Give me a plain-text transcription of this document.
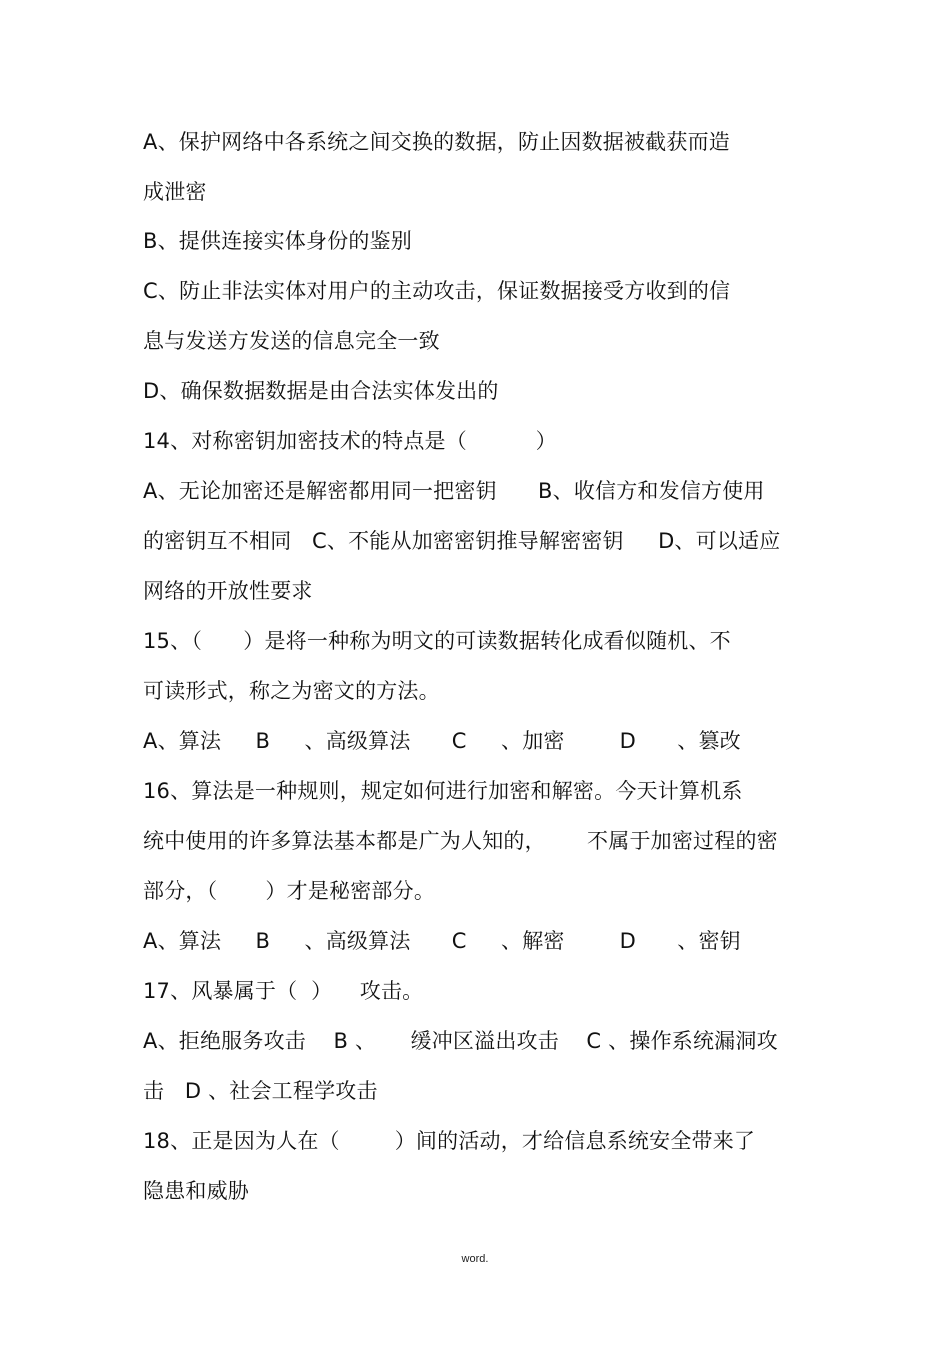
A、保护网络中各系统之间交换的数据，防止因数据被截获而造
成泄密
B、提供连接实体身份的鉴别
C、防止非法实体对用户的主动攻击，保证数据接受方收到的信
息与发送方发送的信息完全一致
D、确保数据数据是由合法实体发出的
14、对称密钥加密技术的特点是（          ）
A、无论加密还是解密都用同一把密钥      B、收信方和发信方使用
的密钥互不相同   C、不能从加密密钥推导解密密钥     D、可以适应
网络的开放性要求
15、（      ）是将一种称为明文的可读数据转化成看似随机、不
可读形式，称之为密文的方法。
A、算法     B     、高级算法      C     、加密        D      、篡改
16、算法是一种规则，规定如何进行加密和解密。今天计算机系
统中使用的许多算法基本都是广为人知的，      不属于加密过程的密
部分，（       ）才是秘密部分。
A、算法     B     、高级算法      C     、解密        D      、密钥
17、风暴属于（  ）    攻击。
A、拒绝服务攻击    B 、     缓冲区溢出攻击    C 、操作系统漏洞攻
击   D 、社会工程学攻击
18、正是因为人在（        ）间的活动，才给信息系统安全带来了
隐患和威胁
word.
